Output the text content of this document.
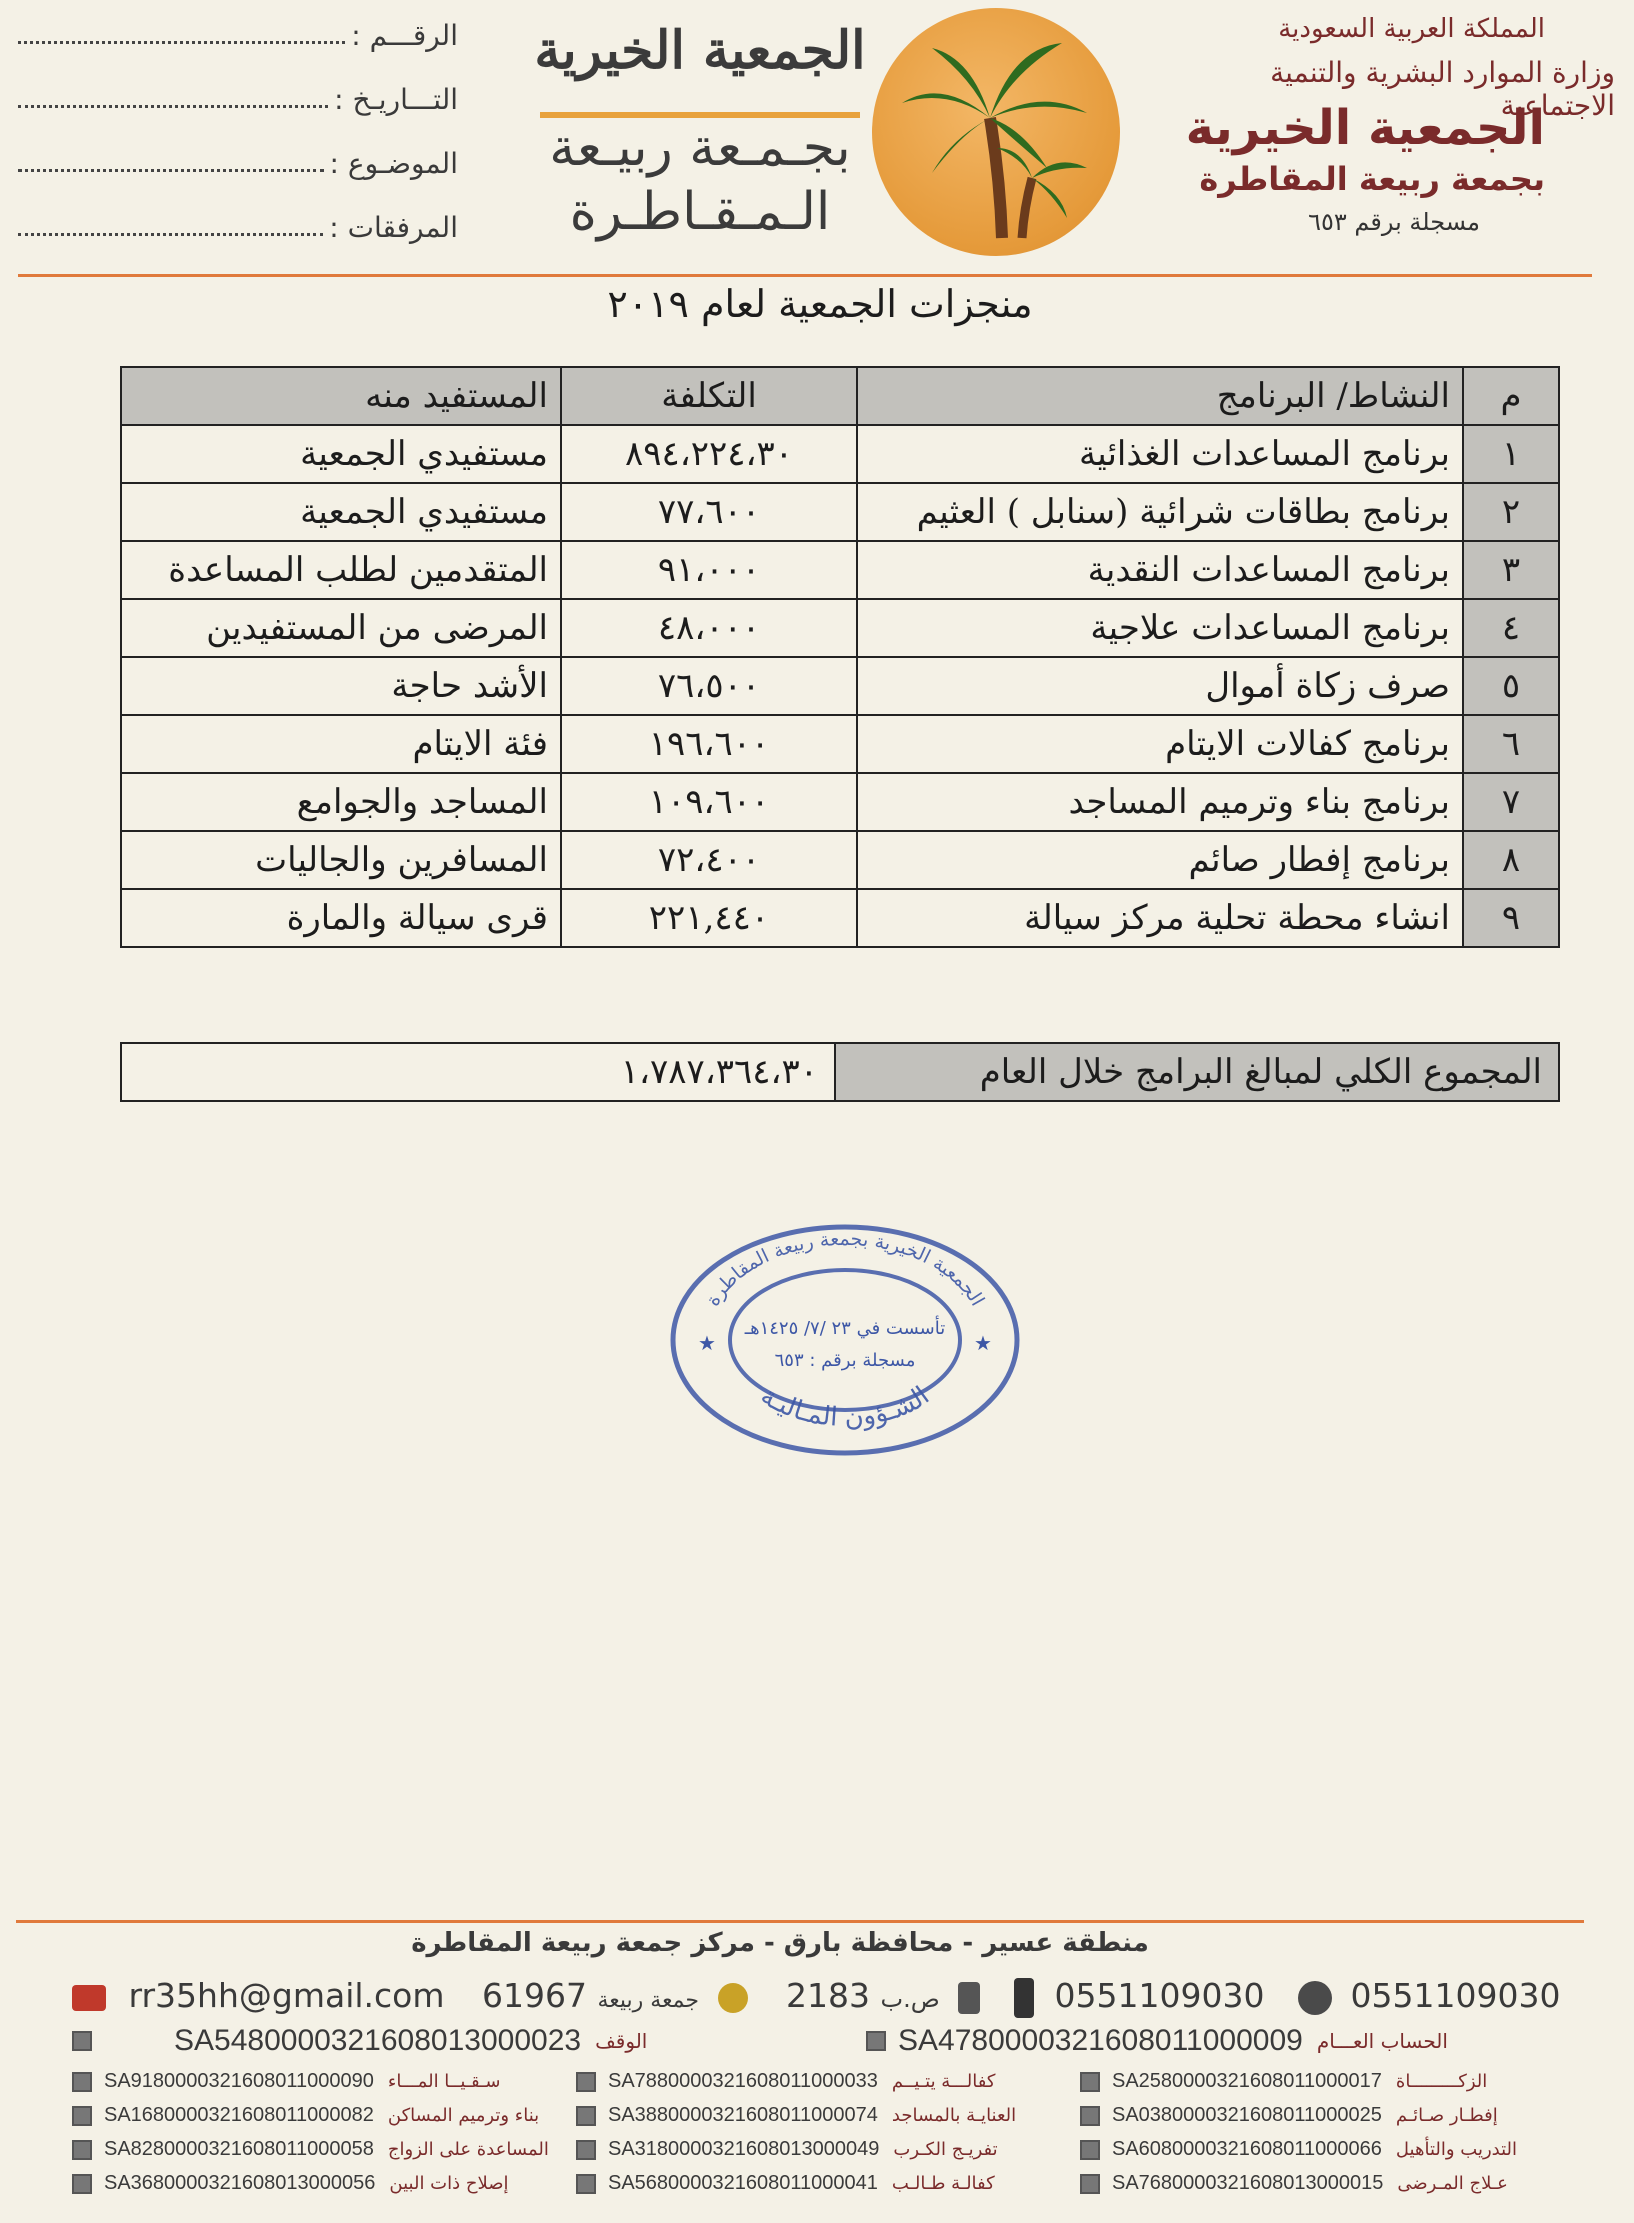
الرقـــم :
التـــاريـخ :
الموضـوع :
المرفقات :
الجمعية الخيرية
بجـمـعة ربيـعة
الـمـقـاطـرة
المملكة العربية السعودية
وزارة الموارد البشرية والتنمية الاجتماعية
الجمعية الخيرية
بجمعة ربيعة المقاطرة
مسجلة برقم ٦٥٣
منجزات الجمعية لعام ٢٠١٩
م	النشاط/ البرنامج	التكلفة	المستفيد منه
١	برنامج المساعدات الغذائية	٨٩٤،٢٢٤،٣٠	مستفيدي الجمعية
٢	برنامج بطاقات شرائية (سنابل ) العثيم	٧٧،٦٠٠	مستفيدي الجمعية
٣	برنامج المساعدات النقدية	٩١،٠٠٠	المتقدمين لطلب المساعدة
٤	برنامج المساعدات علاجية	٤٨،٠٠٠	المرضى من المستفيدين
٥	صرف زكاة أموال	٧٦،٥٠٠	الأشد حاجة
٦	برنامج كفالات الايتام	١٩٦،٦٠٠	فئة الايتام
٧	برنامج بناء وترميم المساجد	١٠٩،٦٠٠	المساجد والجوامع
٨	برنامج إفطار صائم	٧٢،٤٠٠	المسافرين والجاليات
٩	انشاء محطة تحلية مركز سيالة	٢٢١,٤٤٠	قرى سيالة والمارة
المجموع الكلي لمبالغ البرامج خلال العام	١،٧٨٧،٣٦٤،٣٠
الجمعية الخيرية بجمعة ربيعة المقاطرة
الشـؤون المـاليـة
تأسست في ٢٣ /٧/ ١٤٢٥هـ
مسجلة برقم : ٦٥٣
★	★
منطقة عسير - محافظة بارق - مركز جمعة ربيعة المقاطرة
rr35hh@gmail.com 61967 جمعة ربيعة	2183 ص.ب	0551109030	0551109030
SA4780000321608011000009 الحساب العـــام
SA5480000321608013000023 الوقف
SA2580000321608011000017 الزكـــــــــاة
SA7880000321608011000033 كفالـــة يتـيــم
SA9180000321608011000090 سـقـيــا المـــاء
SA0380000321608011000025 إفطـار صـائـم
SA3880000321608011000074 العنايـة بالمساجد
SA1680000321608011000082 بناء وترميم المساكن
SA6080000321608011000066 التدريب والتأهيل
SA3180000321608013000049 تفريـج الكـرب
SA8280000321608011000058 المساعدة على الزواج
SA7680000321608013000015 عـلاج المـرضى
SA5680000321608011000041 كفالـة طـالـب
SA3680000321608013000056 إصلاح ذات البين
